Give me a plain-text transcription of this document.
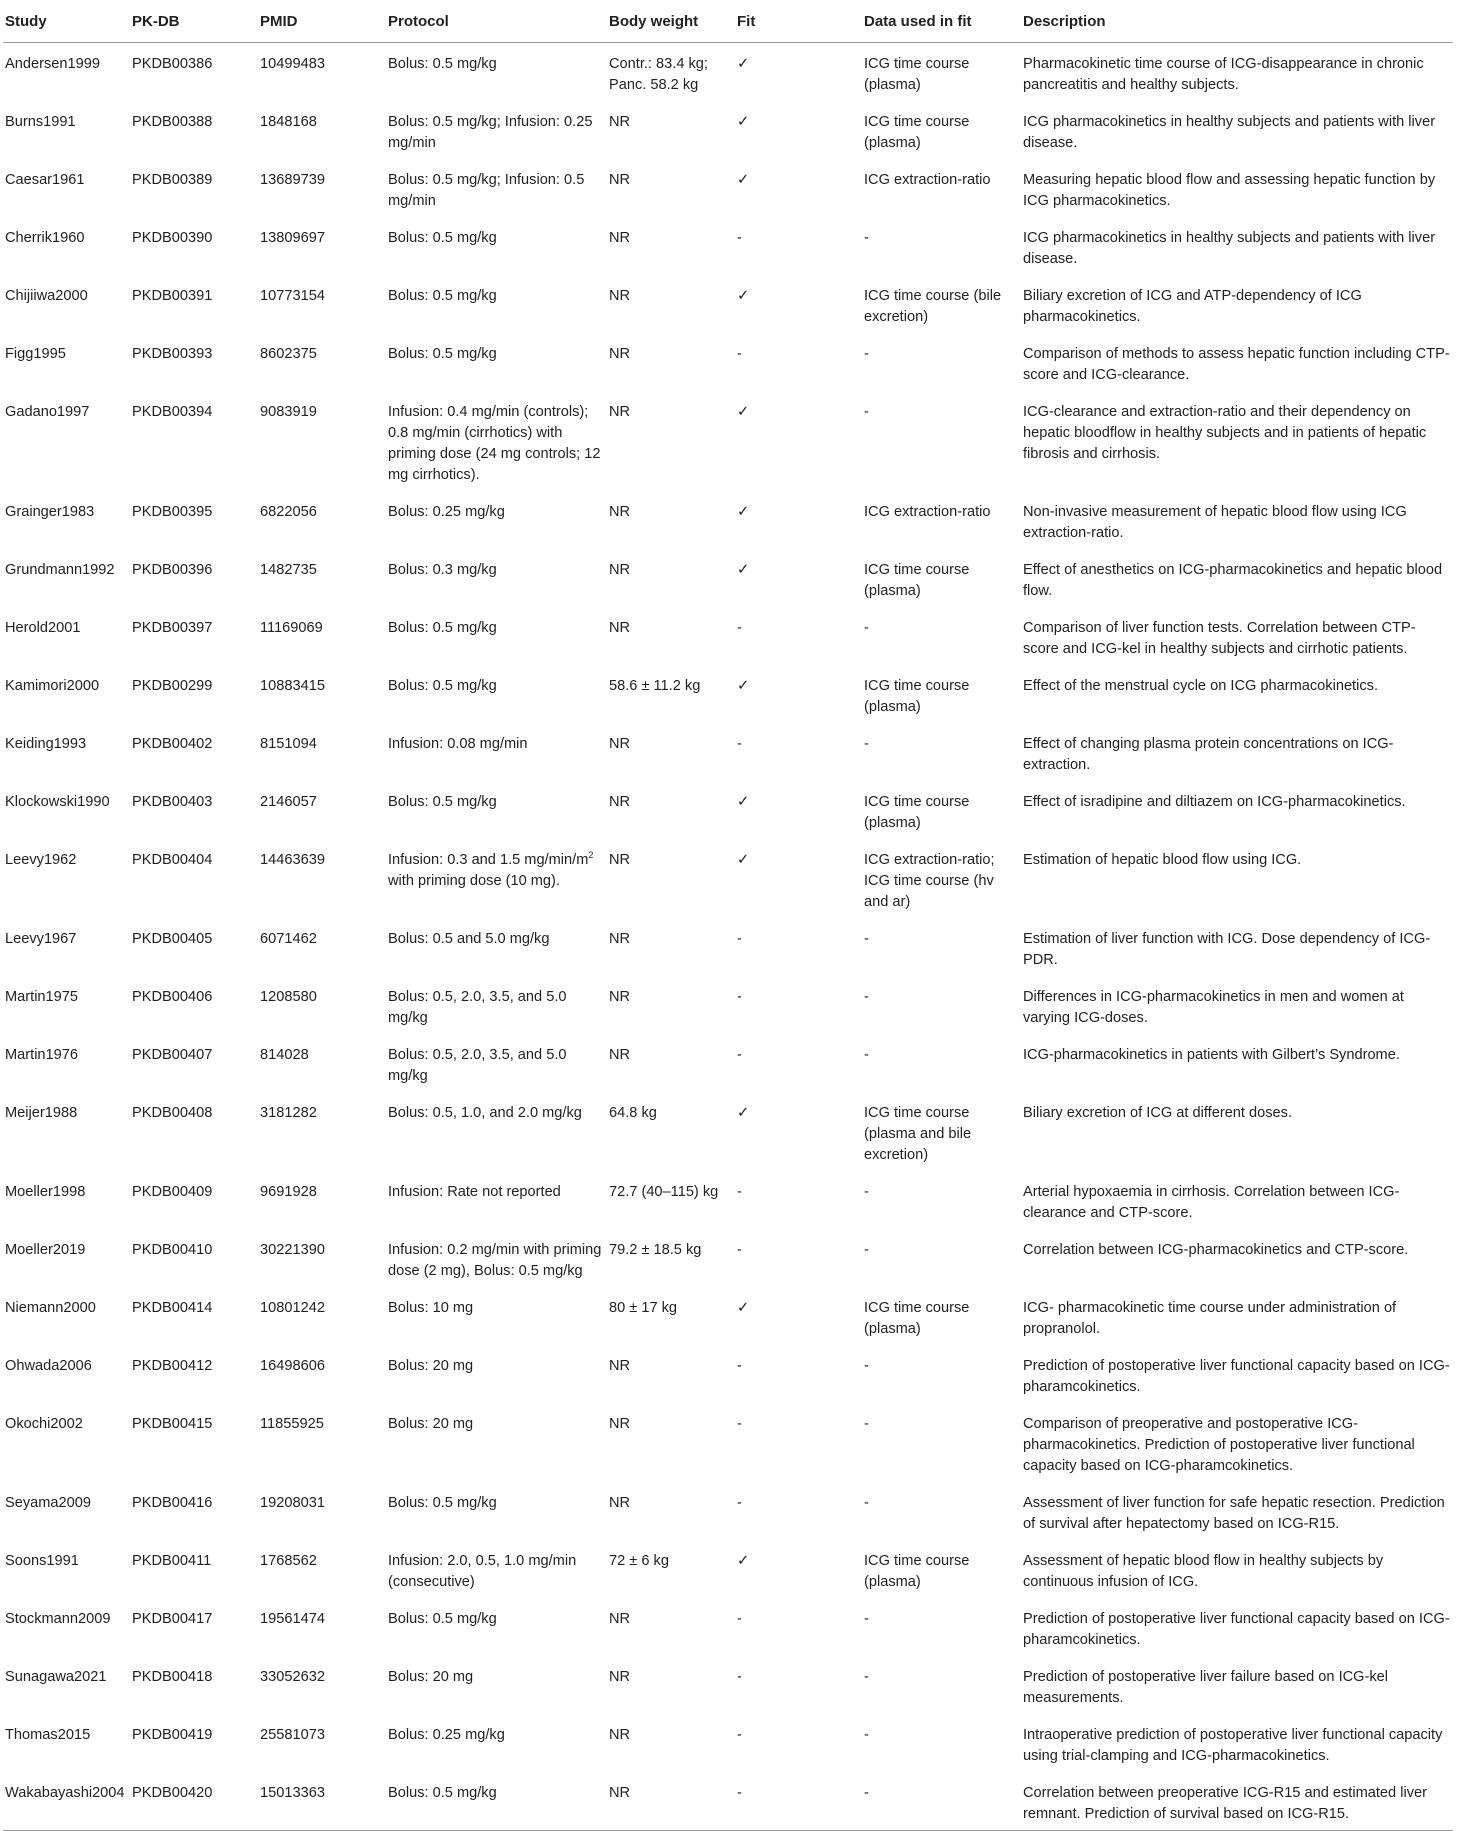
Study	PK-DB	PMID	Protocol	Body weight	Fit	Data used in fit	Description
Andersen1999	PKDB00386	10499483	Bolus: 0.5 mg/kg	Contr.: 83.4 kg; Panc. 58.2 kg	✓	ICG time course (plasma)	Pharmacokinetic time course of ICG-disappearance in chronic pancreatitis and healthy subjects.
Burns1991	PKDB00388	1848168	Bolus: 0.5 mg/kg; Infusion: 0.25 mg/min	NR	✓	ICG time course (plasma)	ICG pharmacokinetics in healthy subjects and patients with liver disease.
Caesar1961	PKDB00389	13689739	Bolus: 0.5 mg/kg; Infusion: 0.5 mg/min	NR	✓	ICG extraction-ratio	Measuring hepatic blood flow and assessing hepatic function by ICG pharmacokinetics.
Cherrik1960	PKDB00390	13809697	Bolus: 0.5 mg/kg	NR	-	-	ICG pharmacokinetics in healthy subjects and patients with liver disease.
Chijiiwa2000	PKDB00391	10773154	Bolus: 0.5 mg/kg	NR	✓	ICG time course (bile excretion)	Biliary excretion of ICG and ATP-dependency of ICG pharmacokinetics.
Figg1995	PKDB00393	8602375	Bolus: 0.5 mg/kg	NR	-	-	Comparison of methods to assess hepatic function including CTP-score and ICG-clearance.
Gadano1997	PKDB00394	9083919	Infusion: 0.4 mg/min (controls); 0.8 mg/min (cirrhotics) with priming dose (24 mg controls; 12 mg cirrhotics).	NR	✓	-	ICG-clearance and extraction-ratio and their dependency on hepatic bloodflow in healthy subjects and in patients of hepatic fibrosis and cirrhosis.
Grainger1983	PKDB00395	6822056	Bolus: 0.25 mg/kg	NR	✓	ICG extraction-ratio	Non-invasive measurement of hepatic blood flow using ICG extraction-ratio.
Grundmann1992	PKDB00396	1482735	Bolus: 0.3 mg/kg	NR	✓	ICG time course (plasma)	Effect of anesthetics on ICG-pharmacokinetics and hepatic blood flow.
Herold2001	PKDB00397	11169069	Bolus: 0.5 mg/kg	NR	-	-	Comparison of liver function tests. Correlation between CTP-score and ICG-kel in healthy subjects and cirrhotic patients.
Kamimori2000	PKDB00299	10883415	Bolus: 0.5 mg/kg	58.6 ± 11.2 kg	✓	ICG time course (plasma)	Effect of the menstrual cycle on ICG pharmacokinetics.
Keiding1993	PKDB00402	8151094	Infusion: 0.08 mg/min	NR	-	-	Effect of changing plasma protein concentrations on ICG-extraction.
Klockowski1990	PKDB00403	2146057	Bolus: 0.5 mg/kg	NR	✓	ICG time course (plasma)	Effect of isradipine and diltiazem on ICG-pharmacokinetics.
Leevy1962	PKDB00404	14463639	Infusion: 0.3 and 1.5 $mg/\min/m^2$ with priming dose (10 mg).	NR	✓	ICG extraction-ratio; ICG time course (hv and ar)	Estimation of hepatic blood flow using ICG.
Leevy1967	PKDB00405	6071462	Bolus: 0.5 and 5.0 mg/kg	NR	-	-	Estimation of liver function with ICG. Dose dependency of ICG-PDR.
Martin1975	PKDB00406	1208580	Bolus: 0.5, 2.0, 3.5, and 5.0 mg/kg	NR	-	-	Differences in ICG-pharmacokinetics in men and women at varying ICG-doses.
Martin1976	PKDB00407	814028	Bolus: 0.5, 2.0, 3.5, and 5.0 mg/kg	NR	-	-	ICG-pharmacokinetics in patients with Gilbert’s Syndrome.
Meijer1988	PKDB00408	3181282	Bolus: 0.5, 1.0, and 2.0 mg/kg	64.8 kg	✓	ICG time course (plasma and bile excretion)	Biliary excretion of ICG at different doses.
Moeller1998	PKDB00409	9691928	Infusion: Rate not reported	72.7 (40–115) kg	-	-	Arterial hypoxaemia in cirrhosis. Correlation between ICG-clearance and CTP-score.
Moeller2019	PKDB00410	30221390	Infusion: 0.2 mg/min with priming dose (2 mg), Bolus: 0.5 mg/kg	79.2 ± 18.5 kg	-	-	Correlation between ICG-pharmacokinetics and CTP-score.
Niemann2000	PKDB00414	10801242	Bolus: 10 mg	80 ± 17 kg	✓	ICG time course (plasma)	ICG- pharmacokinetic time course under administration of propranolol.
Ohwada2006	PKDB00412	16498606	Bolus: 20 mg	NR	-	-	Prediction of postoperative liver functional capacity based on ICG-pharamcokinetics.
Okochi2002	PKDB00415	11855925	Bolus: 20 mg	NR	-	-	Comparison of preoperative and postoperative ICG-pharmacokinetics. Prediction of postoperative liver functional capacity based on ICG-pharamcokinetics.
Seyama2009	PKDB00416	19208031	Bolus: 0.5 mg/kg	NR	-	-	Assessment of liver function for safe hepatic resection. Prediction of survival after hepatectomy based on ICG-R15.
Soons1991	PKDB00411	1768562	Infusion: 2.0, 0.5, 1.0 mg/min (consecutive)	72 ± 6 kg	✓	ICG time course (plasma)	Assessment of hepatic blood flow in healthy subjects by continuous infusion of ICG.
Stockmann2009	PKDB00417	19561474	Bolus: 0.5 mg/kg	NR	-	-	Prediction of postoperative liver functional capacity based on ICG-pharamcokinetics.
Sunagawa2021	PKDB00418	33052632	Bolus: 20 mg	NR	-	-	Prediction of postoperative liver failure based on ICG-kel measurements.
Thomas2015	PKDB00419	25581073	Bolus: 0.25 mg/kg	NR	-	-	Intraoperative prediction of postoperative liver functional capacity using trial-clamping and ICG-pharmacokinetics.
Wakabayashi2004	PKDB00420	15013363	Bolus: 0.5 mg/kg	NR	-	-	Correlation between preoperative ICG-R15 and estimated liver remnant. Prediction of survival based on ICG-R15.
